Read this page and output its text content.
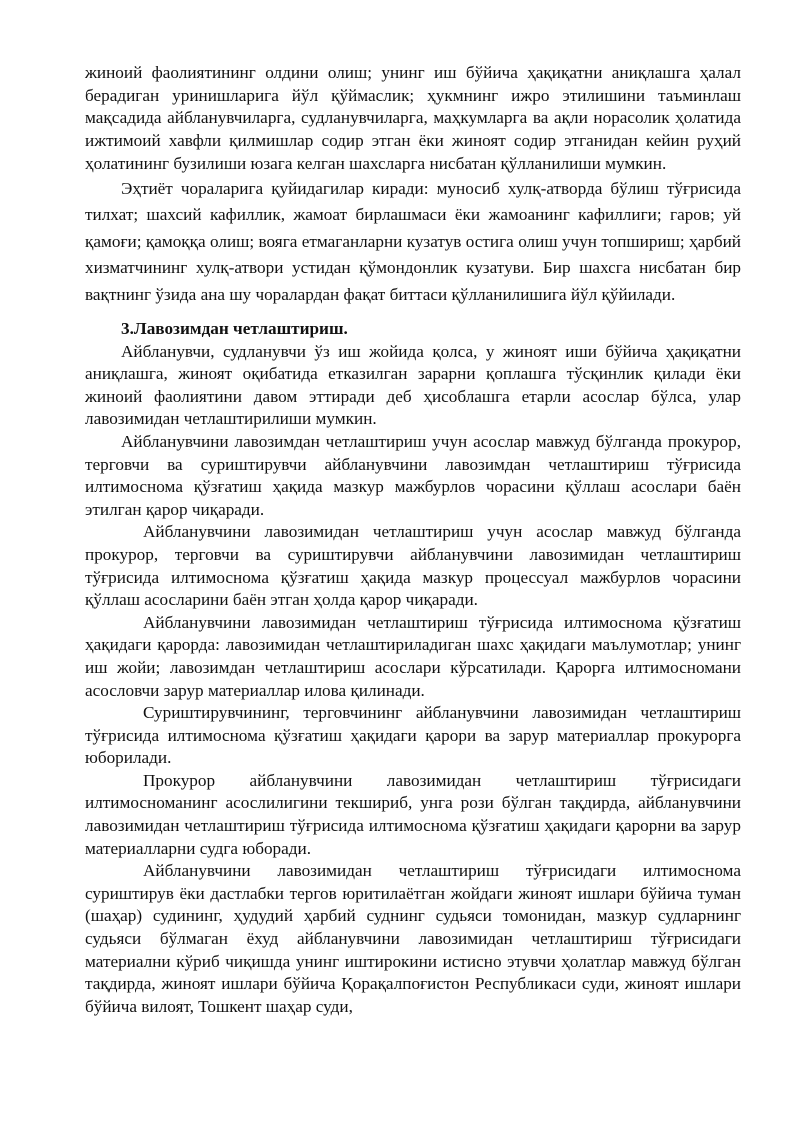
жиноий фаолиятининг олдини олиш; унинг иш бўйича ҳақиқатни аниқлашга ҳалал берадиган уринишларига йўл қўймаслик; ҳукмнинг ижро этилишини таъминлаш мақсадида айбланувчиларга, судланувчиларга, маҳкумларга ва ақли норасолик ҳолатида ижтимоий хавфли қилмишлар содир этган ёки жиноят содир этганидан кейин руҳий ҳолатининг бузилиши юзага келган шахсларга нисбатан қўлланилиши мумкин.

Эҳтиёт чораларига қуйидагилар киради: муносиб хулқ-атворда бўлиш тўғрисида тилхат; шахсий кафиллик, жамоат бирлашмаси ёки жамоанинг кафиллиги; гаров; уй қамоғи; қамоққа олиш; вояга етмаганларни кузатув остига олиш учун топшириш; ҳарбий хизматчининг хулқ-атвори устидан қўмондонлик кузатуви. Бир шахсга нисбатан бир вақтнинг ўзида ана шу чоралардан фақат биттаси қўлланилишига йўл қўйилади.

3.Лавозимдан четлаштириш.

Айбланувчи, судланувчи ўз иш жойида қолса, у жиноят иши бўйича ҳақиқатни аниқлашга, жиноят оқибатида етказилган зарарни қоплашга тўсқинлик қилади ёки жиноий фаолиятини давом эттиради деб ҳисоблашга етарли асослар бўлса, улар лавозимидан четлаштирилиши мумкин.

Айбланувчини лавозимдан четлаштириш учун асослар мавжуд бўлганда прокурор, терговчи ва суриштирувчи айбланувчини лавозимдан четлаштириш тўғрисида илтимосномa қўзғатиш ҳақида мазкур мажбурлов чорасини қўллаш асослари баён этилган қарор чиқаради.

Айбланувчини лавозимидан четлаштириш учун асослар мавжуд бўлганда прокурор, терговчи ва суриштирувчи айбланувчини лавозимидан четлаштириш тўғрисида илтимосномa қўзғатиш ҳақида мазкур процессуал мажбурлов чорасини қўллаш асосларини баён этган ҳолда қарор чиқаради.

Айбланувчини лавозимидан четлаштириш тўғрисида илтимосномa қўзғатиш ҳақидаги қарорда: лавозимидан четлаштириладиган шахс ҳақидаги маълумотлар; унинг иш жойи; лавозимдан четлаштириш асослари кўрсатилади. Қарорга илтимосномани асословчи зарур материаллар илова қилинади.

Суриштирувчининг, терговчининг айбланувчини лавозимидан четлаштириш тўғрисида илтимосномa қўзғатиш ҳақидаги қарори ва зарур материаллар прокурорга юборилади.

Прокурор айбланувчини лавозимидан четлаштириш тўғрисидаги илтимосноманинг асослилигини текшириб, унга рози бўлган тақдирда, айбланувчини лавозимидан четлаштириш тўғрисида илтимосномa қўзғатиш ҳақидаги қарорни ва зарур материалларни судга юборади.

Айбланувчини лавозимидан четлаштириш тўғрисидаги илтимосномa суриштирув ёки дастлабки тергов юритилаётган жойдаги жиноят ишлари бўйича туман (шаҳар) судининг, ҳудудий ҳарбий суднинг судьяси томонидан, мазкур судларнинг судьяси бўлмаган ёхуд айбланувчини лавозимидан четлаштириш тўғрисидаги материални кўриб чиқишда унинг иштирокини истисно этувчи ҳолатлар мавжуд бўлган тақдирда, жиноят ишлари бўйича Қорақалпоғистон Республикаси суди, жиноят ишлари бўйича вилоят, Тошкент шаҳар суди,
